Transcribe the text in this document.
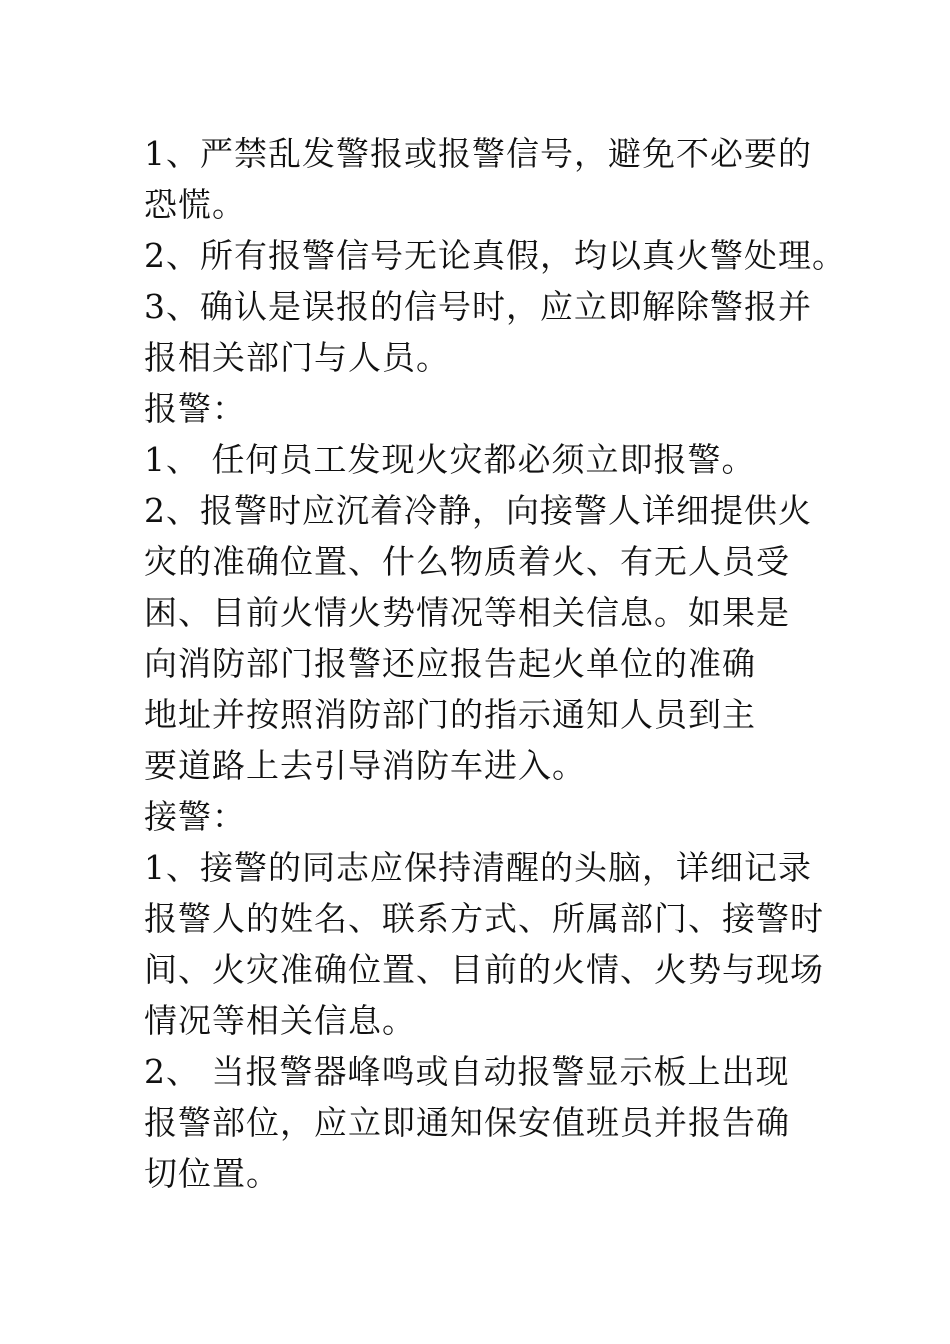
1、严禁乱发警报或报警信号，避免不必要的
恐慌。
2、所有报警信号无论真假，均以真火警处理。
3、确认是误报的信号时，应立即解除警报并
报相关部门与人员。
报警：
1、 任何员工发现火灾都必须立即报警。
2、报警时应沉着冷静，向接警人详细提供火
灾的准确位置、什么物质着火、有无人员受
困、目前火情火势情况等相关信息。如果是
向消防部门报警还应报告起火单位的准确
地址并按照消防部门的指示通知人员到主
要道路上去引导消防车进入。
接警：
1、接警的同志应保持清醒的头脑，详细记录
报警人的姓名、联系方式、所属部门、接警时
间、火灾准确位置、目前的火情、火势与现场
情况等相关信息。
2、 当报警器峰鸣或自动报警显示板上出现
报警部位，应立即通知保安值班员并报告确
切位置。
